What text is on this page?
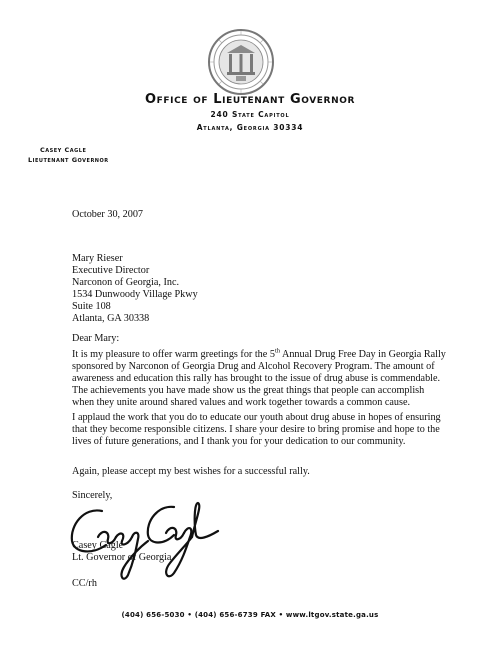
Office of Lieutenant Governor
240 State Capitol
Atlanta, Georgia 30334
Casey Cagle
Lieutenant Governor
October 30, 2007
Mary Rieser
Executive Director
Narconon of Georgia, Inc.
1534 Dunwoody Village Pkwy
Suite 108
Atlanta, GA 30338
Dear Mary:
It is my pleasure to offer warm greetings for the 5th Annual Drug Free Day in Georgia Rally
sponsored by Narconon of Georgia Drug and Alcohol Recovery Program. The amount of
awareness and education this rally has brought to the issue of drug abuse is commendable.
The achievements you have made show us the great things that people can accomplish
when they unite around shared values and work together towards a common cause.
I applaud the work that you do to educate our youth about drug abuse in hopes of ensuring
that they become responsible citizens. I share your desire to bring promise and hope to the
lives of future generations, and I thank you for your dedication to our community.
Again, please accept my best wishes for a successful rally.
Sincerely,
Casey Cagle
Lt. Governor of Georgia
CC/rh
(404) 656-5030 • (404) 656-6739 FAX • www.ltgov.state.ga.us
